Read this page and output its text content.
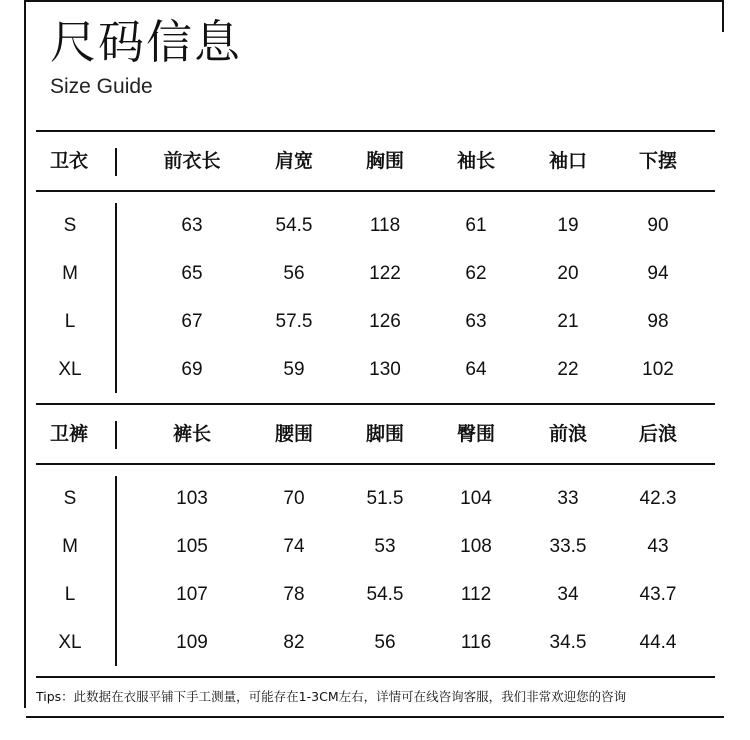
尺码信息
Size Guide
卫衣	前衣长	肩宽	胸围	袖长	袖口	下摆
S	63	54.5	118	61	19	90
M	65	56	122	62	20	94
L	67	57.5	126	63	21	98
XL	69	59	130	64	22	102
卫裤	裤长	腰围	脚围	臀围	前浪	后浪
S	103	70	51.5	104	33	42.3
M	105	74	53	108	33.5	43
L	107	78	54.5	112	34	43.7
XL	109	82	56	116	34.5	44.4
Tips：此数据在衣服平铺下手工测量，可能存在1-3CM左右，详情可在线咨询客服，我们非常欢迎您的咨询
